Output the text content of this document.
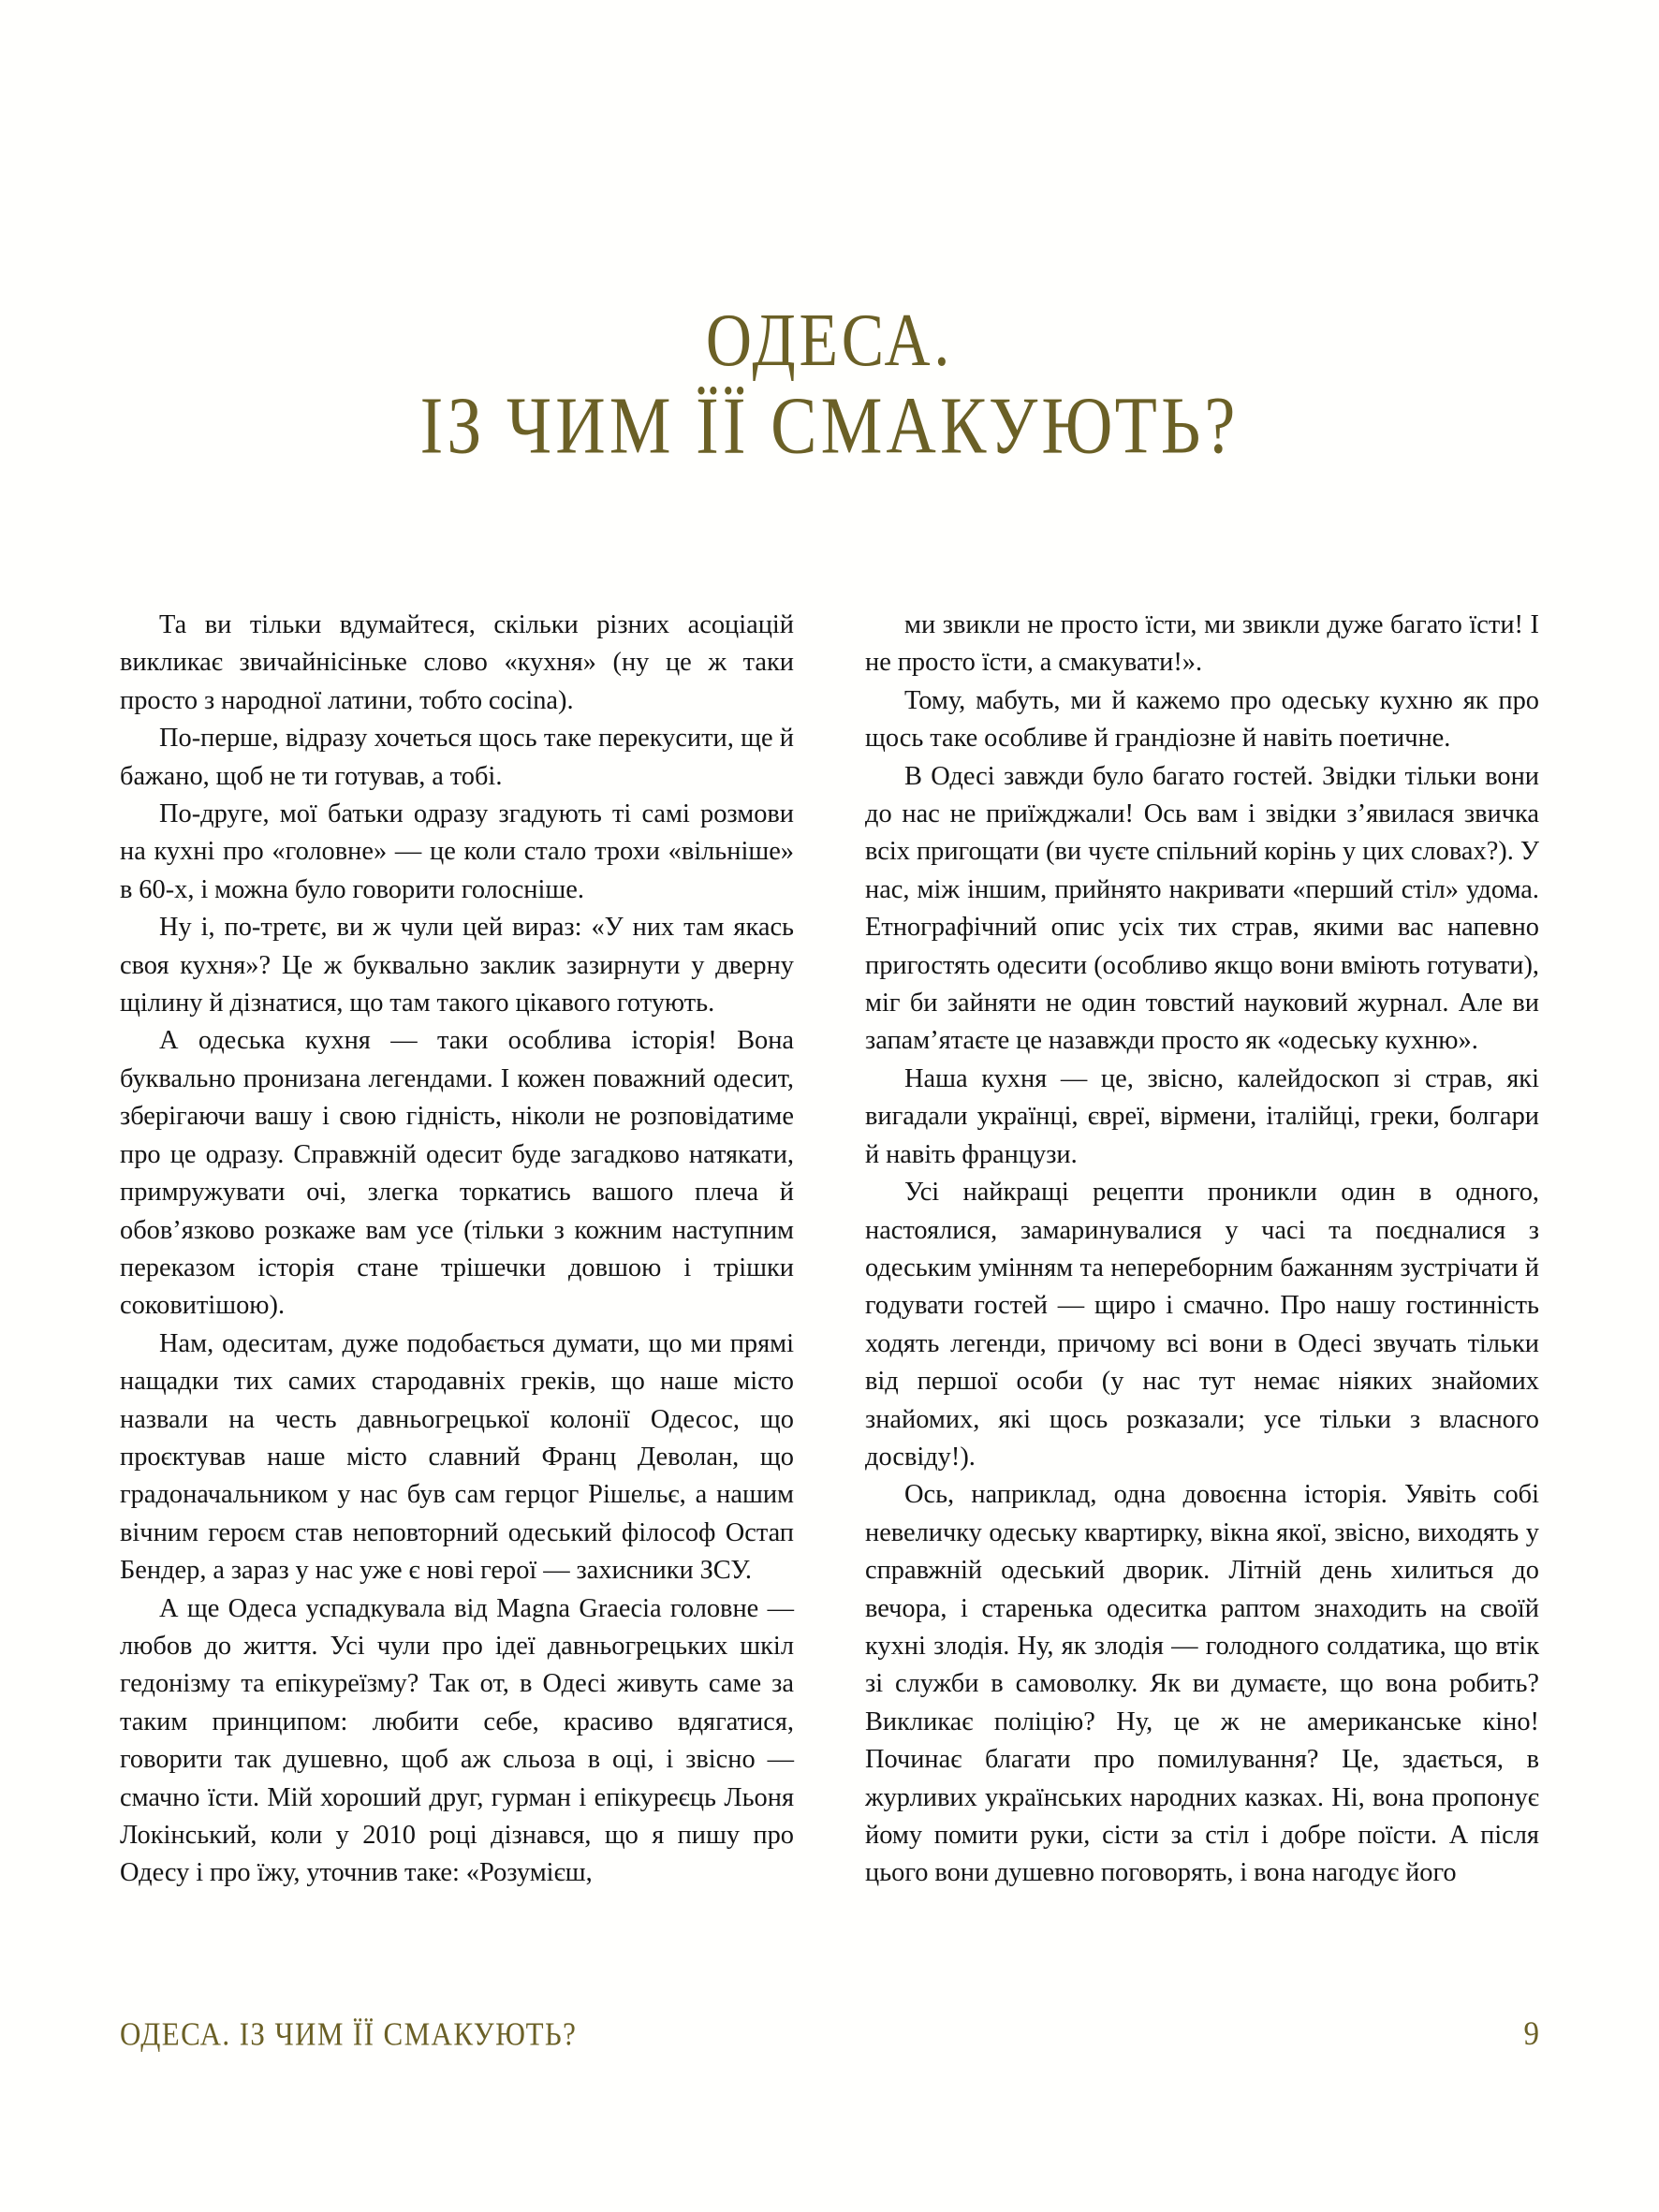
ОДЕСА.
ІЗ ЧИМ ЇЇ СМАКУЮТЬ?

Та ви тільки вдумайтеся, скільки різних асоціацій викликає звичайнісіньке слово «кухня» (ну це ж таки просто з народної латини, тобто cocina).

По-перше, відразу хочеться щось таке перекусити, ще й бажано, щоб не ти готував, а тобі.

По-друге, мої батьки одразу згадують ті самі розмови на кухні про «головне» — це коли стало трохи «вільніше» в 60-х, і можна було говорити голосніше.

Ну і, по-третє, ви ж чули цей вираз: «У них там якась своя кухня»? Це ж буквально заклик зазирнути у дверну щілину й дізнатися, що там такого цікавого готують.

А одеська кухня — таки особлива історія! Вона буквально пронизана легендами. І кожен поважний одесит, зберігаючи вашу і свою гідність, ніколи не розповідатиме про це одразу. Справжній одесит буде загадково натякати, примружувати очі, злегка торкатись вашого плеча й обов’язково розкаже вам усе (тільки з кожним наступним переказом історія стане трішечки довшою і трішки соковитішою).

Нам, одеситам, дуже подобається думати, що ми прямі нащадки тих самих стародавніх греків, що наше місто назвали на честь давньогрецької колонії Одесос, що проєктував наше місто славний Франц Деволан, що градоначальником у нас був сам герцог Рішельє, а нашим вічним героєм став неповторний одеський філософ Остап Бендер, а зараз у нас уже є нові герої — захисники ЗСУ.

А ще Одеса успадкувала від Magna Graecia головне — любов до життя. Усі чули про ідеї давньогрецьких шкіл гедонізму та епікуреїзму? Так от, в Одесі живуть саме за таким принципом: любити себе, красиво вдягатися, говорити так душевно, щоб аж сльоза в оці, і звісно — смачно їсти. Мій хороший друг, гурман і епікуреєць Льоня Локінський, коли у 2010 році дізнався, що я пишу про Одесу і про їжу, уточнив таке: «Розумієш,

ми звикли не просто їсти, ми звикли дуже багато їсти! І не просто їсти, а смакувати!».

Тому, мабуть, ми й кажемо про одеську кухню як про щось таке особливе й грандіозне й навіть поетичне.

В Одесі завжди було багато гостей. Звідки тільки вони до нас не приїжджали! Ось вам і звідки з’явилася звичка всіх пригощати (ви чуєте спільний корінь у цих словах?). У нас, між іншим, прийнято накривати «перший стіл» удома. Етнографічний опис усіх тих страв, якими вас напевно пригостять одесити (особливо якщо вони вміють готувати), міг би зайняти не один товстий науковий журнал. Але ви запам’ятаєте це назавжди просто як «одеську кухню».

Наша кухня — це, звісно, калейдоскоп зі страв, які вигадали українці, євреї, вірмени, італійці, греки, болгари й навіть французи.

Усі найкращі рецепти проникли один в одного, настоялися, замаринувалися у часі та поєдналися з одеським умінням та непереборним бажанням зустрічати й годувати гостей — щиро і смачно. Про нашу гостинність ходять легенди, причому всі вони в Одесі звучать тільки від першої особи (у нас тут немає ніяких знайомих знайомих, які щось розказали; усе тільки з власного досвіду!).

Ось, наприклад, одна довоєнна історія. Уявіть собі невеличку одеську квартирку, вікна якої, звісно, виходять у справжній одеський дворик. Літній день хилиться до вечора, і старенька одеситка раптом знаходить на своїй кухні злодія. Ну, як злодія — голодного солдатика, що втік зі служби в самоволку. Як ви думаєте, що вона робить? Викликає поліцію? Ну, це ж не американське кіно! Починає благати про помилування? Це, здається, в журливих українських народних казках. Ні, вона пропонує йому помити руки, сісти за стіл і добре поїсти. А після цього вони душевно поговорять, і вона нагодує його

ОДЕСА. ІЗ ЧИМ ЇЇ СМАКУЮТЬ?	9
